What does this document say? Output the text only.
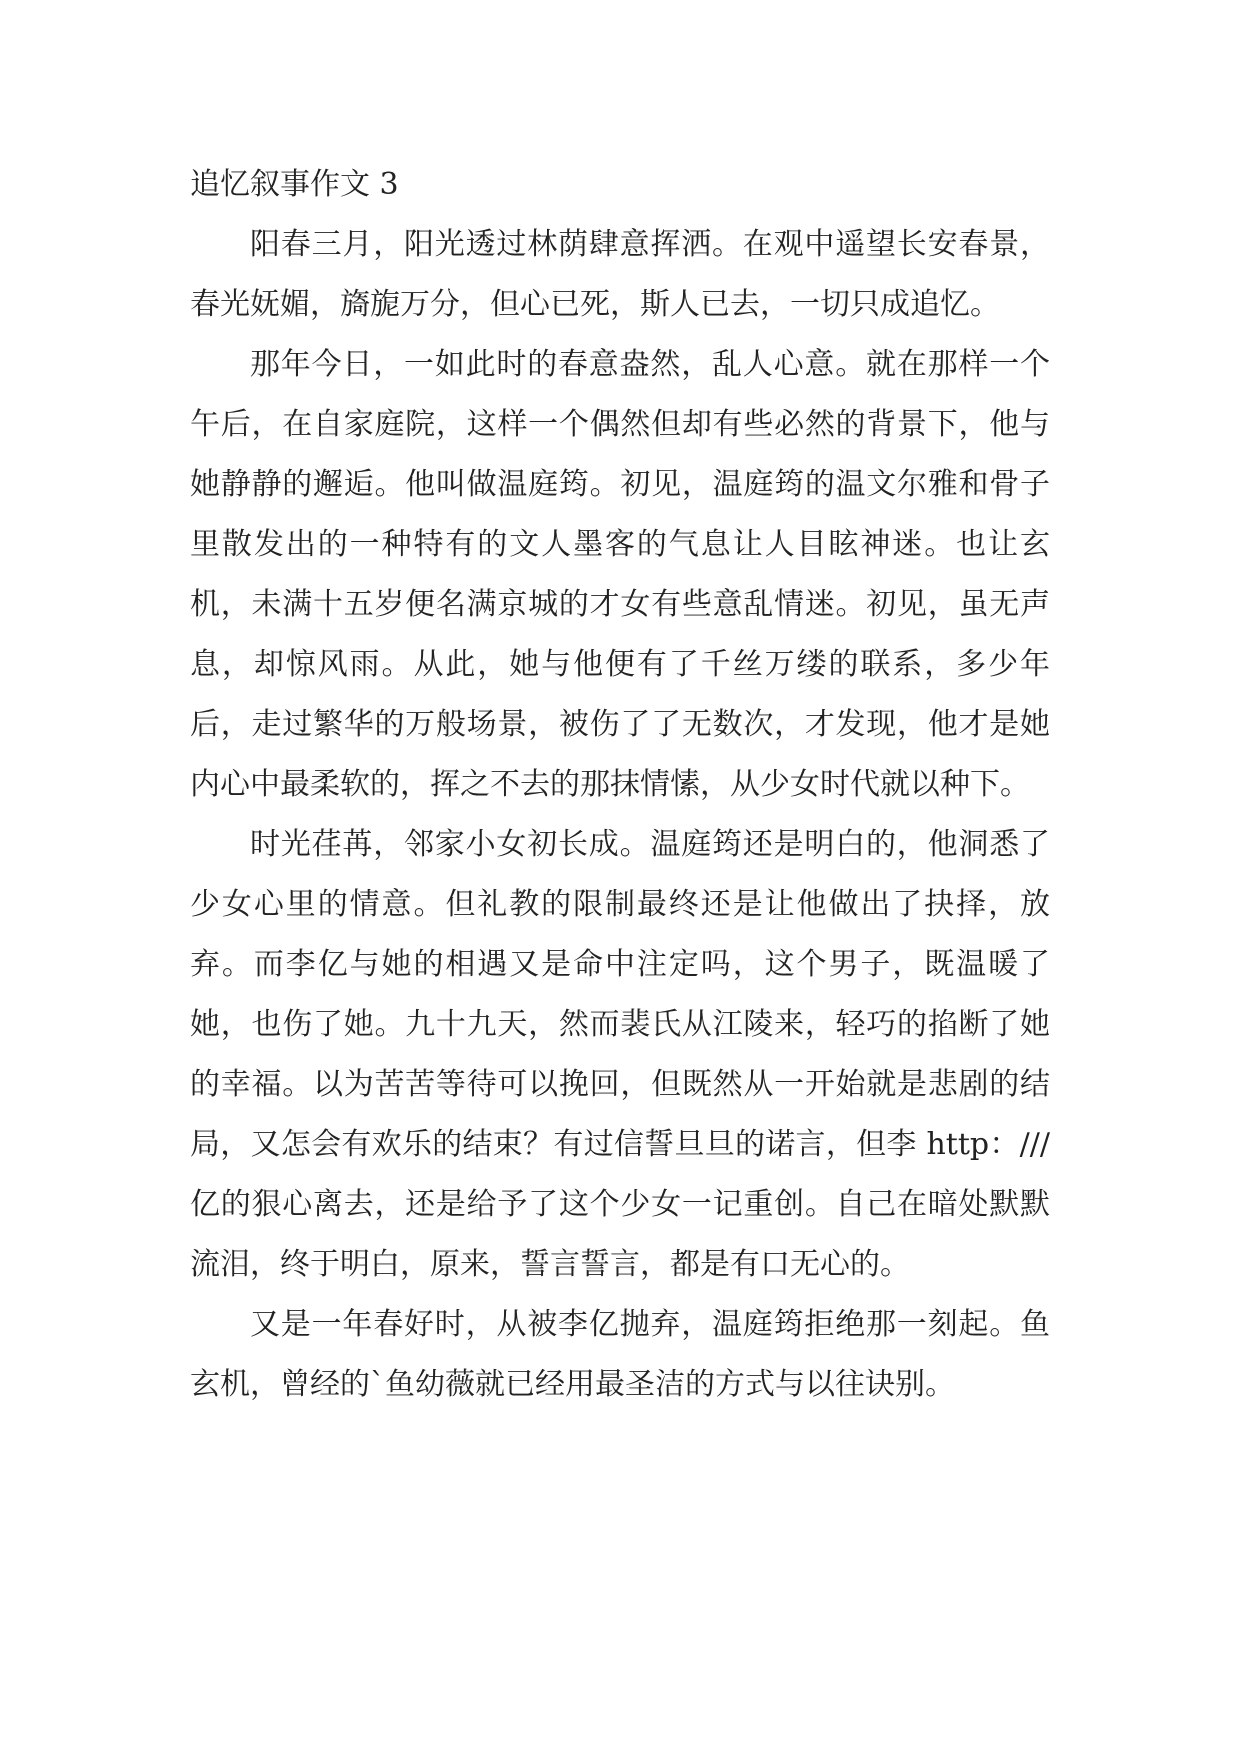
追忆叙事作文 3

阳春三月，阳光透过林荫肆意挥洒。在观中遥望长安春景，春光妩媚，旖旎万分，但心已死，斯人已去，一切只成追忆。

那年今日，一如此时的春意盎然，乱人心意。就在那样一个午后，在自家庭院，这样一个偶然但却有些必然的背景下，他与她静静的邂逅。他叫做温庭筠。初见，温庭筠的温文尔雅和骨子里散发出的一种特有的文人墨客的气息让人目眩神迷。也让玄机，未满十五岁便名满京城的才女有些意乱情迷。初见，虽无声息，却惊风雨。从此，她与他便有了千丝万缕的联系，多少年后，走过繁华的万般场景，被伤了了无数次，才发现，他才是她内心中最柔软的，挥之不去的那抹情愫，从少女时代就以种下。

时光荏苒，邻家小女初长成。温庭筠还是明白的，他洞悉了少女心里的情意。但礼教的限制最终还是让他做出了抉择，放弃。而李亿与她的相遇又是命中注定吗，这个男子，既温暖了她，也伤了她。九十九天，然而裴氏从江陵来，轻巧的掐断了她的幸福。以为苦苦等待可以挽回，但既然从一开始就是悲剧的结局，又怎会有欢乐的结束？有过信誓旦旦的诺言，但李 http：///亿的狠心离去，还是给予了这个少女一记重创。自己在暗处默默流泪，终于明白，原来，誓言誓言，都是有口无心的。

又是一年春好时，从被李亿抛弃，温庭筠拒绝那一刻起。鱼玄机，曾经的`鱼幼薇就已经用最圣洁的方式与以往诀别。
